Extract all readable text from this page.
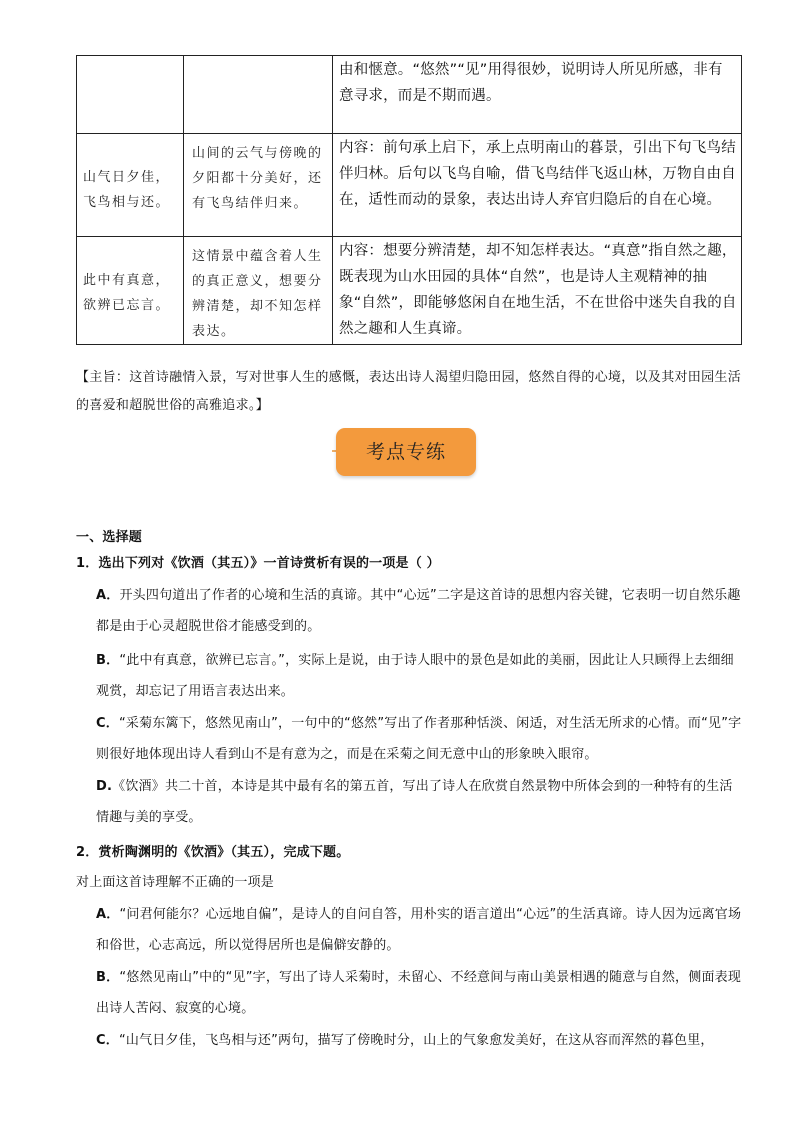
		由和惬意。“悠然”“见”用得很妙，说明诗人所见所感，非有意寻求，而是不期而遇。

山气日夕佳，飞鸟相与还。	山间的云气与傍晚的夕阳都十分美好，还有飞鸟结伴归来。	内容：前句承上启下，承上点明南山的暮景，引出下句飞鸟结伴归林。后句以飞鸟自喻，借飞鸟结伴飞返山林，万物自由自在，适性而动的景象，表达出诗人弃官归隐后的自在心境。

此中有真意，欲辨已忘言。	这情景中蕴含着人生的真正意义，想要分辨清楚，却不知怎样表达。	内容：想要分辨清楚，却不知怎样表达。“真意”指自然之趣，既表现为山水田园的具体“自然”，也是诗人主观精神的抽象“自然”，即能够悠闲自在地生活，不在世俗中迷失自我的自然之趣和人生真谛。
【主旨：这首诗融情入景，写对世事人生的感慨，表达出诗人渴望归隐田园，悠然自得的心境，以及其对田园生活的喜爱和超脱世俗的高雅追求。】
考点专练
一、选择题
1．选出下列对《饮酒（其五）》一首诗赏析有误的一项是（ ）
A．开头四句道出了作者的心境和生活的真谛。其中“心远”二字是这首诗的思想内容关键，它表明一切自然乐趣都是由于心灵超脱世俗才能感受到的。
B．“此中有真意，欲辨已忘言。”，实际上是说，由于诗人眼中的景色是如此的美丽，因此让人只顾得上去细细观赏，却忘记了用语言表达出来。
C．“采菊东篱下，悠然见南山”，一句中的“悠然”写出了作者那种恬淡、闲适，对生活无所求的心情。而“见”字则很好地体现出诗人看到山不是有意为之，而是在采菊之间无意中山的形象映入眼帘。
D.《饮酒》共二十首，本诗是其中最有名的第五首，写出了诗人在欣赏自然景物中所体会到的一种特有的生活情趣与美的享受。
2．赏析陶渊明的《饮酒》（其五），完成下题。
对上面这首诗理解不正确的一项是
A．“问君何能尔？心远地自偏”，是诗人的自问自答，用朴实的语言道出“心远”的生活真谛。诗人因为远离官场和俗世，心志高远，所以觉得居所也是偏僻安静的。
B．“悠然见南山”中的“见”字，写出了诗人采菊时，未留心、不经意间与南山美景相遇的随意与自然，侧面表现出诗人苦闷、寂寞的心境。
C．“山气日夕佳，飞鸟相与还”两句，描写了傍晚时分，山上的气象愈发美好，在这从容而浑然的暮色里，
